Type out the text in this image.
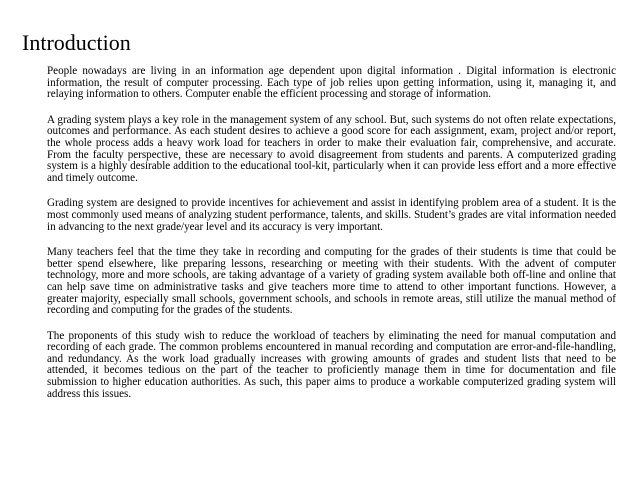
Introduction

People nowadays are living in an information age dependent upon digital information . Digital information is electronic information, the result of computer processing. Each type of job relies upon getting information, using it, managing it, and relaying information to others. Computer enable the efficient processing and storage of information.

A grading system plays a key role in the management system of any school. But, such systems do not often relate expectations, outcomes and performance. As each student desires to achieve a good score for each assignment, exam, project and/or report, the whole process adds a heavy work load for teachers in order to make their evaluation fair, comprehensive, and accurate. From the faculty perspective, these are necessary to avoid disagreement from students and parents. A computerized grading system is a highly desirable addition to the educational tool-kit, particularly when it can provide less effort and a more effective and timely outcome.

Grading system are designed to provide incentives for achievement and assist in identifying problem area of a student. It is the most commonly used means of analyzing student performance, talents, and skills. Student’s grades are vital information needed in advancing to the next grade/year level and its accuracy is very important.

Many teachers feel that the time they take in recording and computing for the grades of their students is time that could be better spend elsewhere, like preparing lessons, researching or meeting with their students. With the advent of computer technology, more and more schools, are taking advantage of a variety of grading system available both off-line and online that can help save time on administrative tasks and give teachers more time to attend to other important functions. However, a greater majority, especially small schools, government schools, and schools in remote areas, still utilize the manual method of recording and computing for the grades of the students.

The proponents of this study wish to reduce the workload of teachers by eliminating the need for manual computation and recording of each grade. The common problems encountered in manual recording and computation are error-and-file-handling, and redundancy. As the work load gradually increases with growing amounts of grades and student lists that need to be attended, it becomes tedious on the part of the teacher to proficiently manage them in time for documentation and file submission to higher education authorities. As such, this paper aims to produce a workable computerized grading system will address this issues.
